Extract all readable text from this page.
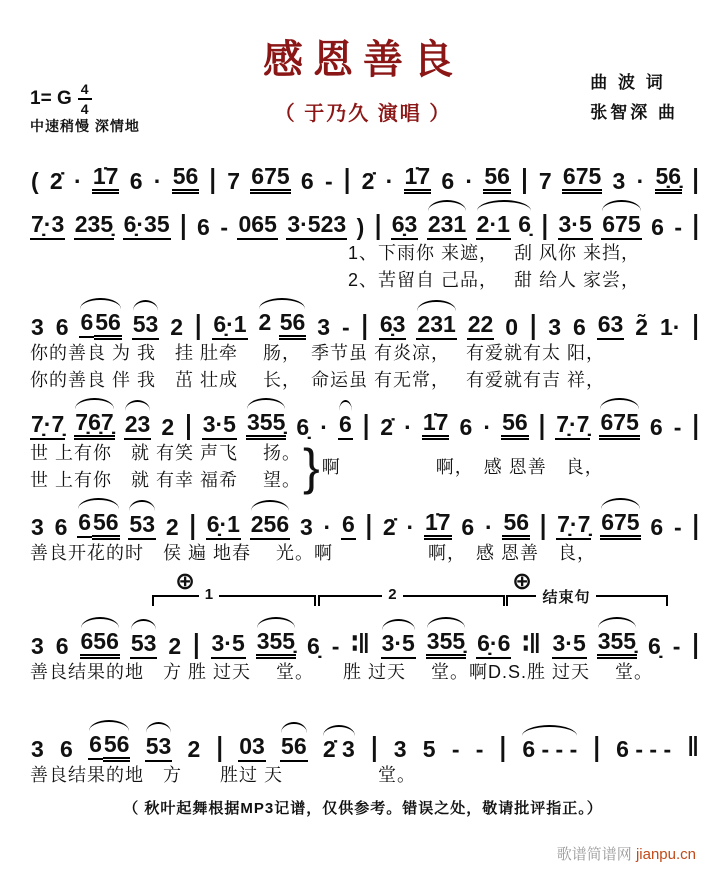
感恩善良
（ 于乃久 演唱 ）
曲 波 词
张智深 曲
1= G $\frac{4}{4}$
中速稍慢 深情地
( 2̇ · 1̇7 6 · 56 | 7 675 6 - | 2̇ · 1̇7 6 · 56 | 7 675 3 · 5̣6̣ |
7̣·3 235̣ 6̣·35 | 6 - 065 3·523 ) | 6̣3 231 2·1 6̣ | 3·5 675 6 - |
1、下雨你 来遮，　 刮 风你 来挡，
2、苦留自 己品，　 甜 给人 家尝，
3 6 656 53 2 | 6̣·1 2 56 3 - | 6̣3 231 22 0 | 3 6 63 2̃ 1· |
你的善良 为 我　挂 肚牵　 肠，　季节虽 有炎凉，　 有爱就有太 阳，
你的善良 伴 我　茁 壮成　 长，　命运虽 有无常，　 有爱就有吉 祥，
7̣·7̣ 7̣6̣7̣ 23 2 | 3·5 355̣ 6̣ · 6 | 2̇ · 1̇7 6 · 56 | 7̣·7̣ 675 6 - |
世 上有你　就 有笑 声飞　 扬。
世 上有你　就 有幸 福希　 望。 } 啊　　　　　啊，　感 恩善　良，
3 6 656 53 2 | 6̣·1 256 3 · 6 | 2̇ · 1̇7 6 · 56 | 7̣·7̣ 675 6 - |
善良开花的时　侯 遍 地春　 光。啊　　　　　啊，　感 恩善　良，
⊕	⊕
1	2	结束句
3 6 656 53 2 | 3·5 355̣ 6̣ - ∶‖ 3·5 355̣ 6̣·6 ∶‖ 3·5 355̣ 6̣ - |
善良结果的地　方 胜 过天　 堂。　　胜 过天　 堂。啊D.S.胜 过天　 堂。
3 6 656 53 2 | 03 56 2̇ 3 | 3 5 - - | 6 - - - | 6 - - - ‖
善良结果的地　方　　胜过 天　　　　　堂。
（ 秋叶起舞根据MP3记谱，仅供参考。错误之处，敬请批评指正。）
歌谱简谱网 jianpu.cn
